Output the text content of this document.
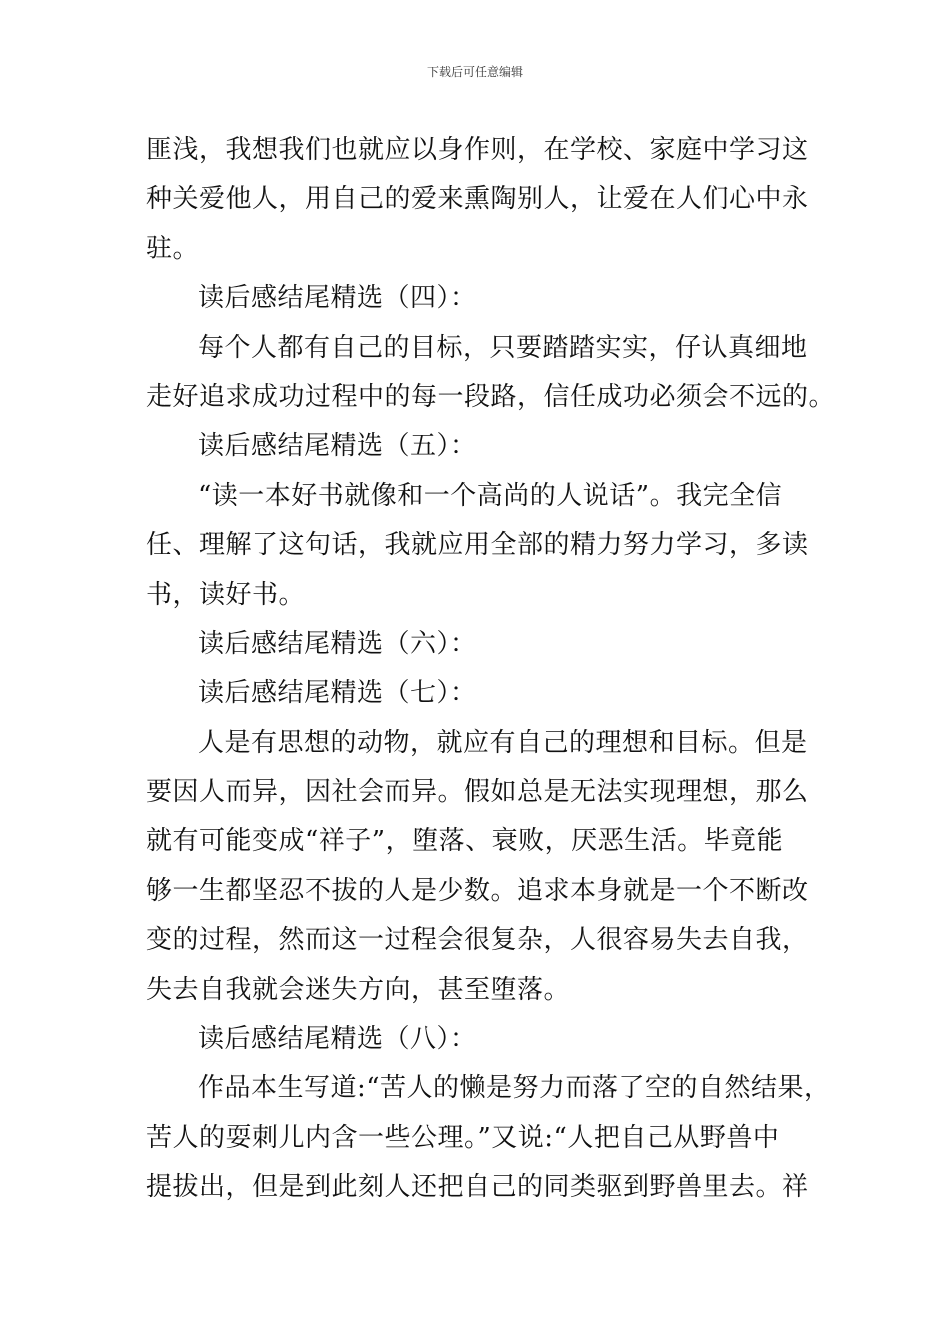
下载后可任意编辑
匪浅，我想我们也就应以身作则，在学校、家庭中学习这
种关爱他人，用自己的爱来熏陶别人，让爱在人们心中永
驻。
读后感结尾精选（四）：
每个人都有自己的目标，只要踏踏实实，仔认真细地
走好追求成功过程中的每一段路，信任成功必须会不远的。
读后感结尾精选（五）：
“读一本好书就像和一个高尚的人说话”。我完全信
任、理解了这句话，我就应用全部的精力努力学习，多读
书，读好书。
读后感结尾精选（六）：
读后感结尾精选（七）：
人是有思想的动物，就应有自己的理想和目标。但是
要因人而异，因社会而异。假如总是无法实现理想，那么
就有可能变成“祥子”，堕落、衰败，厌恶生活。毕竟能
够一生都坚忍不拔的人是少数。追求本身就是一个不断改
变的过程，然而这一过程会很复杂，人很容易失去自我，
失去自我就会迷失方向，甚至堕落。
读后感结尾精选（八）：
作品本生写道:“苦人的懒是努力而落了空的自然结果，
苦人的耍刺儿内含一些公理。”又说:“人把自己从野兽中
提拔出，但是到此刻人还把自己的同类驱到野兽里去。祥
